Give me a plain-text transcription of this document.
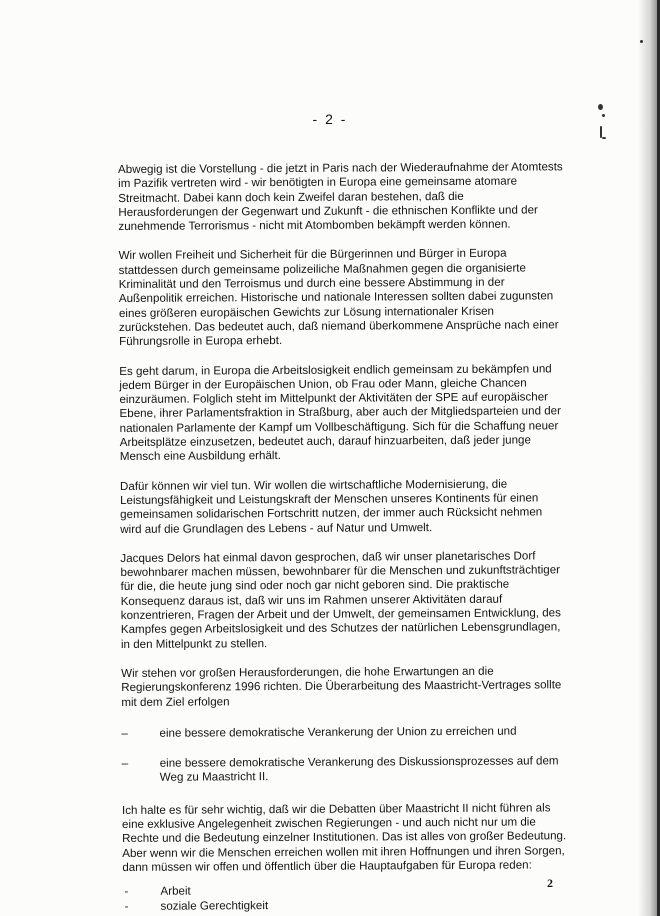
- 2 -

Abwegig ist die Vorstellung - die jetzt in Paris nach der Wiederaufnahme der Atomtests im Pazifik vertreten wird - wir benötigten in Europa eine gemeinsame atomare Streitmacht. Dabei kann doch kein Zweifel daran bestehen, daß die Herausforderungen der Gegenwart und Zukunft - die ethnischen Konflikte und der zunehmende Terrorismus - nicht mit Atombomben bekämpft werden können.

Wir wollen Freiheit und Sicherheit für die Bürgerinnen und Bürger in Europa stattdessen durch gemeinsame polizeiliche Maßnahmen gegen die organisierte Kriminalität und den Terroismus und durch eine bessere Abstimmung in der Außenpolitik erreichen. Historische und nationale Interessen sollten dabei zugunsten eines größeren europäischen Gewichts zur Lösung internationaler Krisen zurückstehen. Das bedeutet auch, daß niemand überkommene Ansprüche nach einer Führungsrolle in Europa erhebt.

Es geht darum, in Europa die Arbeitslosigkeit endlich gemeinsam zu bekämpfen und jedem Bürger in der Europäischen Union, ob Frau oder Mann, gleiche Chancen einzuräumen. Folglich steht im Mittelpunkt der Aktivitäten der SPE auf europäischer Ebene, ihrer Parlamentsfraktion in Straßburg, aber auch der Mitgliedsparteien und der nationalen Parlamente der Kampf um Vollbeschäftigung. Sich für die Schaffung neuer Arbeitsplätze einzusetzen, bedeutet auch, darauf hinzuarbeiten, daß jeder junge Mensch eine Ausbildung erhält.

Dafür können wir viel tun. Wir wollen die wirtschaftliche Modernisierung, die Leistungsfähigkeit und Leistungskraft der Menschen unseres Kontinents für einen gemeinsamen solidarischen Fortschritt nutzen, der immer auch Rücksicht nehmen wird auf die Grundlagen des Lebens - auf Natur und Umwelt.

Jacques Delors hat einmal davon gesprochen, daß wir unser planetarisches Dorf bewohnbarer machen müssen, bewohnbarer für die Menschen und zukunftsträchtiger für die, die heute jung sind oder noch gar nicht geboren sind. Die praktische Konsequenz daraus ist, daß wir uns im Rahmen unserer Aktivitäten darauf konzentrieren, Fragen der Arbeit und der Umwelt, der gemeinsamen Entwicklung, des Kampfes gegen Arbeitslosigkeit und des Schutzes der natürlichen Lebensgrundlagen, in den Mittelpunkt zu stellen.

Wir stehen vor großen Herausforderungen, die hohe Erwartungen an die Regierungskonferenz 1996 richten. Die Überarbeitung des Maastricht-Vertrages sollte mit dem Ziel erfolgen

–	eine bessere demokratische Verankerung der Union zu erreichen und
–	eine bessere demokratische Verankerung des Diskussionsprozesses auf dem Weg zu Maastricht II.

Ich halte es für sehr wichtig, daß wir die Debatten über Maastricht II nicht führen als eine exklusive Angelegenheit zwischen Regierungen - und auch nicht nur um die Rechte und die Bedeutung einzelner Institutionen. Das ist alles von großer Bedeutung. Aber wenn wir die Menschen erreichen wollen mit ihren Hoffnungen und ihren Sorgen, dann müssen wir offen und öffentlich über die Hauptaufgaben für Europa reden:

-	Arbeit
-	soziale Gerechtigkeit
2
